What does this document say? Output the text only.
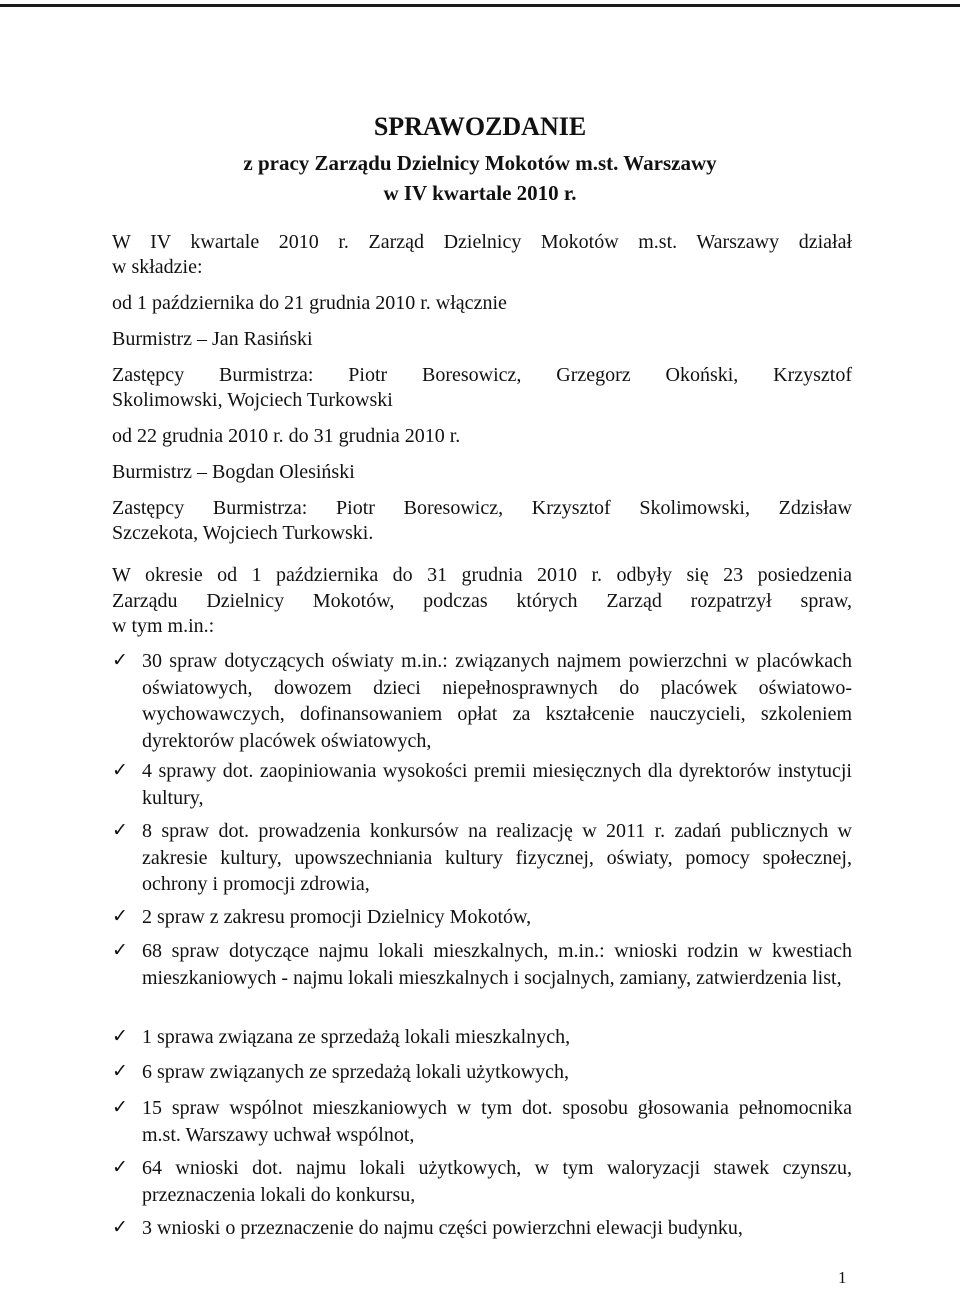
SPRAWOZDANIE
z pracy Zarządu Dzielnicy Mokotów m.st. Warszawy
w IV kwartale 2010 r.

W IV kwartale 2010 r. Zarząd Dzielnicy Mokotów m.st. Warszawy działał

w składzie:

od 1 października do 21 grudnia 2010 r. włącznie

Burmistrz – Jan Rasiński

Zastępcy Burmistrza: Piotr Boresowicz, Grzegorz Okoński, Krzysztof

Skolimowski, Wojciech Turkowski

od 22 grudnia 2010 r. do 31 grudnia 2010 r.

Burmistrz – Bogdan Olesiński

Zastępcy Burmistrza: Piotr Boresowicz, Krzysztof Skolimowski, Zdzisław

Szczekota, Wojciech Turkowski.

W okresie od 1 października do 31 grudnia 2010 r. odbyły się 23 posiedzenia

Zarządu Dzielnicy Mokotów, podczas których Zarząd rozpatrzył spraw,

w tym m.in.:

✓ 30 spraw dotyczących oświaty m.in.: związanych najmem powierzchni w placówkach oświatowych, dowozem dzieci niepełnosprawnych do placówek oświatowo-wychowawczych, dofinansowaniem opłat za kształcenie nauczycieli, szkoleniem dyrektorów placówek oświatowych,
✓ 4 sprawy dot. zaopiniowania wysokości premii miesięcznych dla dyrektorów instytucji kultury,
✓ 8 spraw dot. prowadzenia konkursów na realizację w 2011 r. zadań publicznych w zakresie kultury, upowszechniania kultury fizycznej, oświaty, pomocy społecznej, ochrony i promocji zdrowia,
✓ 2 spraw z zakresu promocji Dzielnicy Mokotów,
✓ 68 spraw dotyczące najmu lokali mieszkalnych, m.in.: wnioski rodzin w kwestiach mieszkaniowych - najmu lokali mieszkalnych i socjalnych, zamiany, zatwierdzenia list,
✓ 1 sprawa związana ze sprzedażą lokali mieszkalnych,
✓ 6 spraw związanych ze sprzedażą lokali użytkowych,
✓ 15 spraw wspólnot mieszkaniowych w tym dot. sposobu głosowania pełnomocnika m.st. Warszawy uchwał wspólnot,
✓ 64 wnioski dot. najmu lokali użytkowych, w tym waloryzacji stawek czynszu, przeznaczenia lokali do konkursu,
✓ 3 wnioski o przeznaczenie do najmu części powierzchni elewacji budynku,

1
